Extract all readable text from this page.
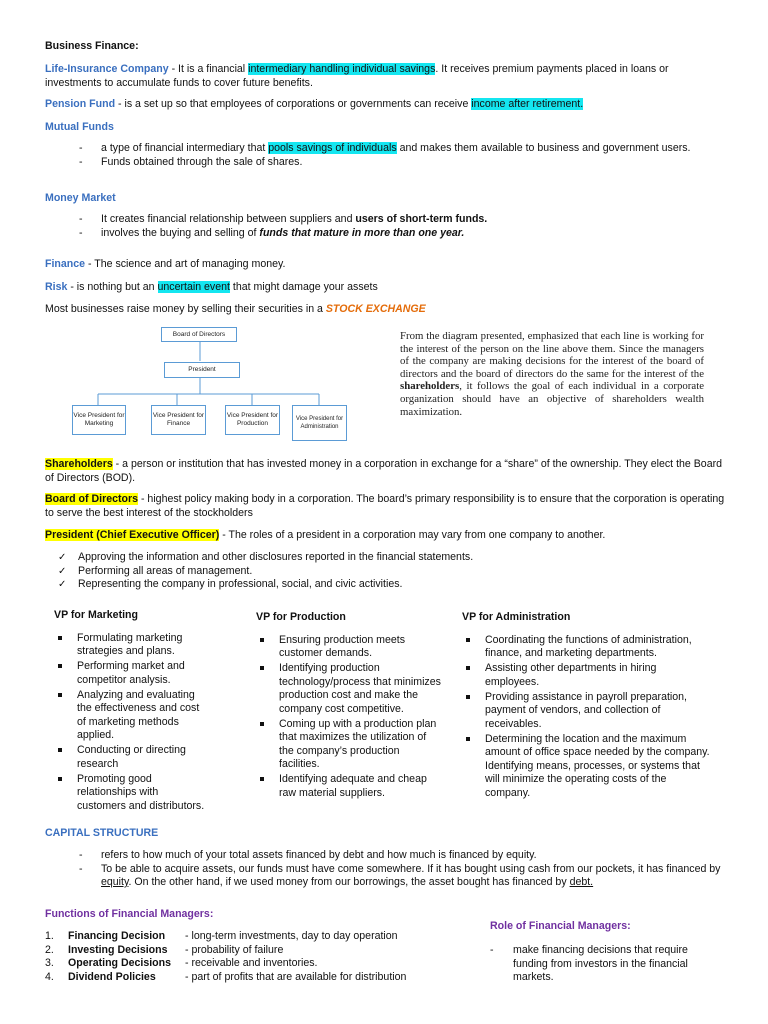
Business Finance:
Life-Insurance Company - It is a financial intermediary handling individual savings. It receives premium payments placed in loans or investments to accumulate funds to cover future benefits.
Pension Fund - is a set up so that employees of corporations or governments can receive income after retirement.
Mutual Funds
- a type of financial intermediary that pools savings of individuals and makes them available to business and government users.
- Funds obtained through the sale of shares.
Money Market
- It creates financial relationship between suppliers and users of short-term funds.
- involves the buying and selling of funds that mature in more than one year.
Finance - The science and art of managing money.
Risk - is nothing but an uncertain event that might damage your assets
Most businesses raise money by selling their securities in a STOCK EXCHANGE
Board of Directors
President
Vice President for Marketing
Vice President for Finance
Vice President for Production
Vice President for Administration
From the diagram presented, emphasized that each line is working for the interest of the person on the line above them. Since the managers of the company are making decisions for the interest of the board of directors and the board of directors do the same for the interest of the shareholders, it follows the goal of each individual in a corporate organization should have an objective of shareholders wealth maximization.
Shareholders - a person or institution that has invested money in a corporation in exchange for a “share” of the ownership. They elect the Board of Directors (BOD).
Board of Directors - highest policy making body in a corporation. The board’s primary responsibility is to ensure that the corporation is operating to serve the best interest of the stockholders
President (Chief Executive Officer) - The roles of a president in a corporation may vary from one company to another.
✓ Approving the information and other disclosures reported in the financial statements.
✓ Performing all areas of management.
✓ Representing the company in professional, social, and civic activities.
VP for Marketing
Formulating marketing strategies and plans.
Performing market and competitor analysis.
Analyzing and evaluating the effectiveness and cost of marketing methods applied.
Conducting or directing research
Promoting good relationships with customers and distributors.
VP for Production
Ensuring production meets customer demands.
Identifying production technology/process that minimizes production cost and make the company cost competitive.
Coming up with a production plan that maximizes the utilization of the company’s production facilities.
Identifying adequate and cheap raw material suppliers.
VP for Administration
Coordinating the functions of administration, finance, and marketing departments.
Assisting other departments in hiring employees.
Providing assistance in payroll preparation, payment of vendors, and collection of receivables.
Determining the location and the maximum amount of office space needed by the company. Identifying means, processes, or systems that will minimize the operating costs of the company.
CAPITAL STRUCTURE
- refers to how much of your total assets financed by debt and how much is financed by equity.
- To be able to acquire assets, our funds must have come somewhere. If it has bought using cash from our pockets, it has financed by equity. On the other hand, if we used money from our borrowings, the asset bought has financed by debt.
Functions of Financial Managers:
1.	Financing Decision	- long-term investments, day to day operation
2.	Investing Decisions	- probability of failure
3.	Operating Decisions	- receivable and inventories.
4.	Dividend Policies	- part of profits that are available for distribution
Role of Financial Managers:
- make financing decisions that require funding from investors in the financial markets.
